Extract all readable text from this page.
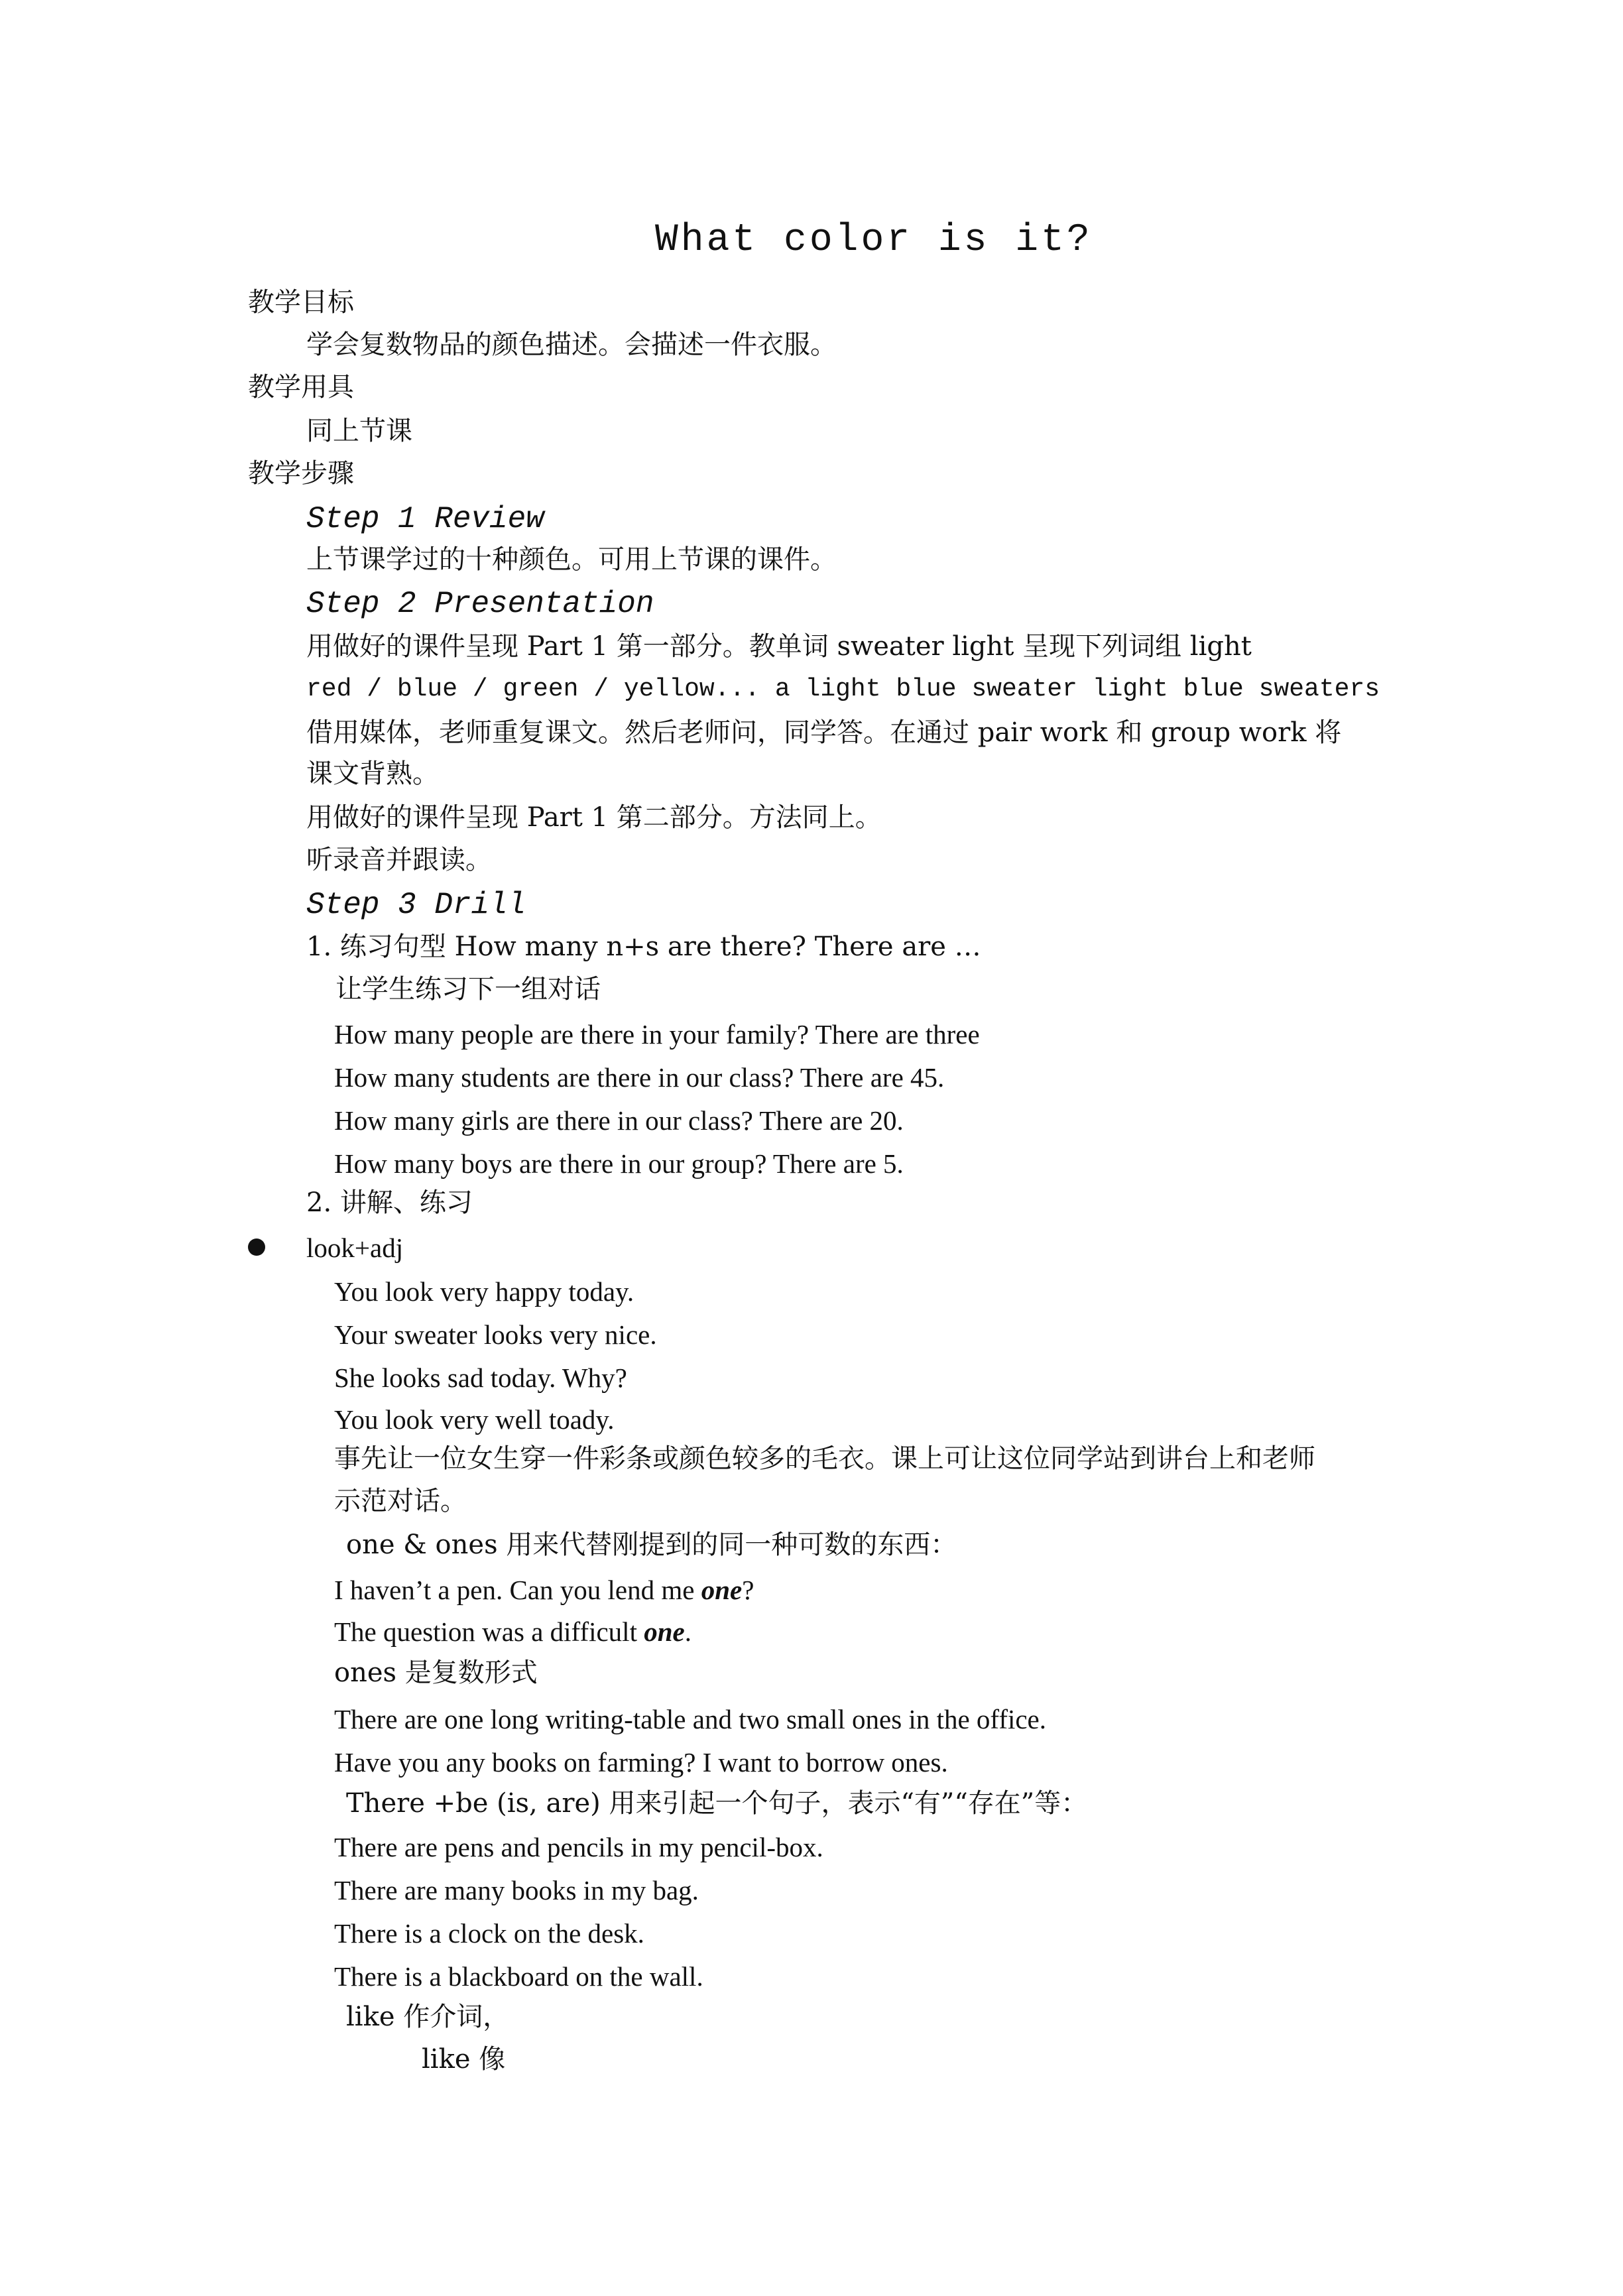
What color is it?
教学目标
学会复数物品的颜色描述。会描述一件衣服。
教学用具
同上节课
教学步骤
Step 1 Review
上节课学过的十种颜色。可用上节课的课件。
Step 2 Presentation
用做好的课件呈现 Part 1 第一部分。教单词 sweater light 呈现下列词组 light
red / blue / green / yellow... a light blue sweater light blue sweaters
借用媒体，老师重复课文。然后老师问，同学答。在通过 pair work 和 group work 将
课文背熟。
用做好的课件呈现 Part 1 第二部分。方法同上。
听录音并跟读。
Step 3 Drill
1. 练习句型 How many n+s are there? There are …
让学生练习下一组对话
How many people are there in your family? There are three
How many students are there in our class? There are 45.
How many girls are there in our class? There are 20.
How many boys are there in our group? There are 5.
2. 讲解、练习
look+adj
You look very happy today.
Your sweater looks very nice.
She looks sad today. Why?
You look very well toady.
事先让一位女生穿一件彩条或颜色较多的毛衣。课上可让这位同学站到讲台上和老师
示范对话。
one & ones 用来代替刚提到的同一种可数的东西：
I haven’t a pen. Can you lend me one?
The question was a difficult one.
ones 是复数形式
There are one long writing-table and two small ones in the office.
Have you any books on farming? I want to borrow ones.
There +be (is, are) 用来引起一个句子，表示“有”“存在”等：
There are pens and pencils in my pencil-box.
There are many books in my bag.
There is a clock on the desk.
There is a blackboard on the wall.
like 作介词，
like 像
